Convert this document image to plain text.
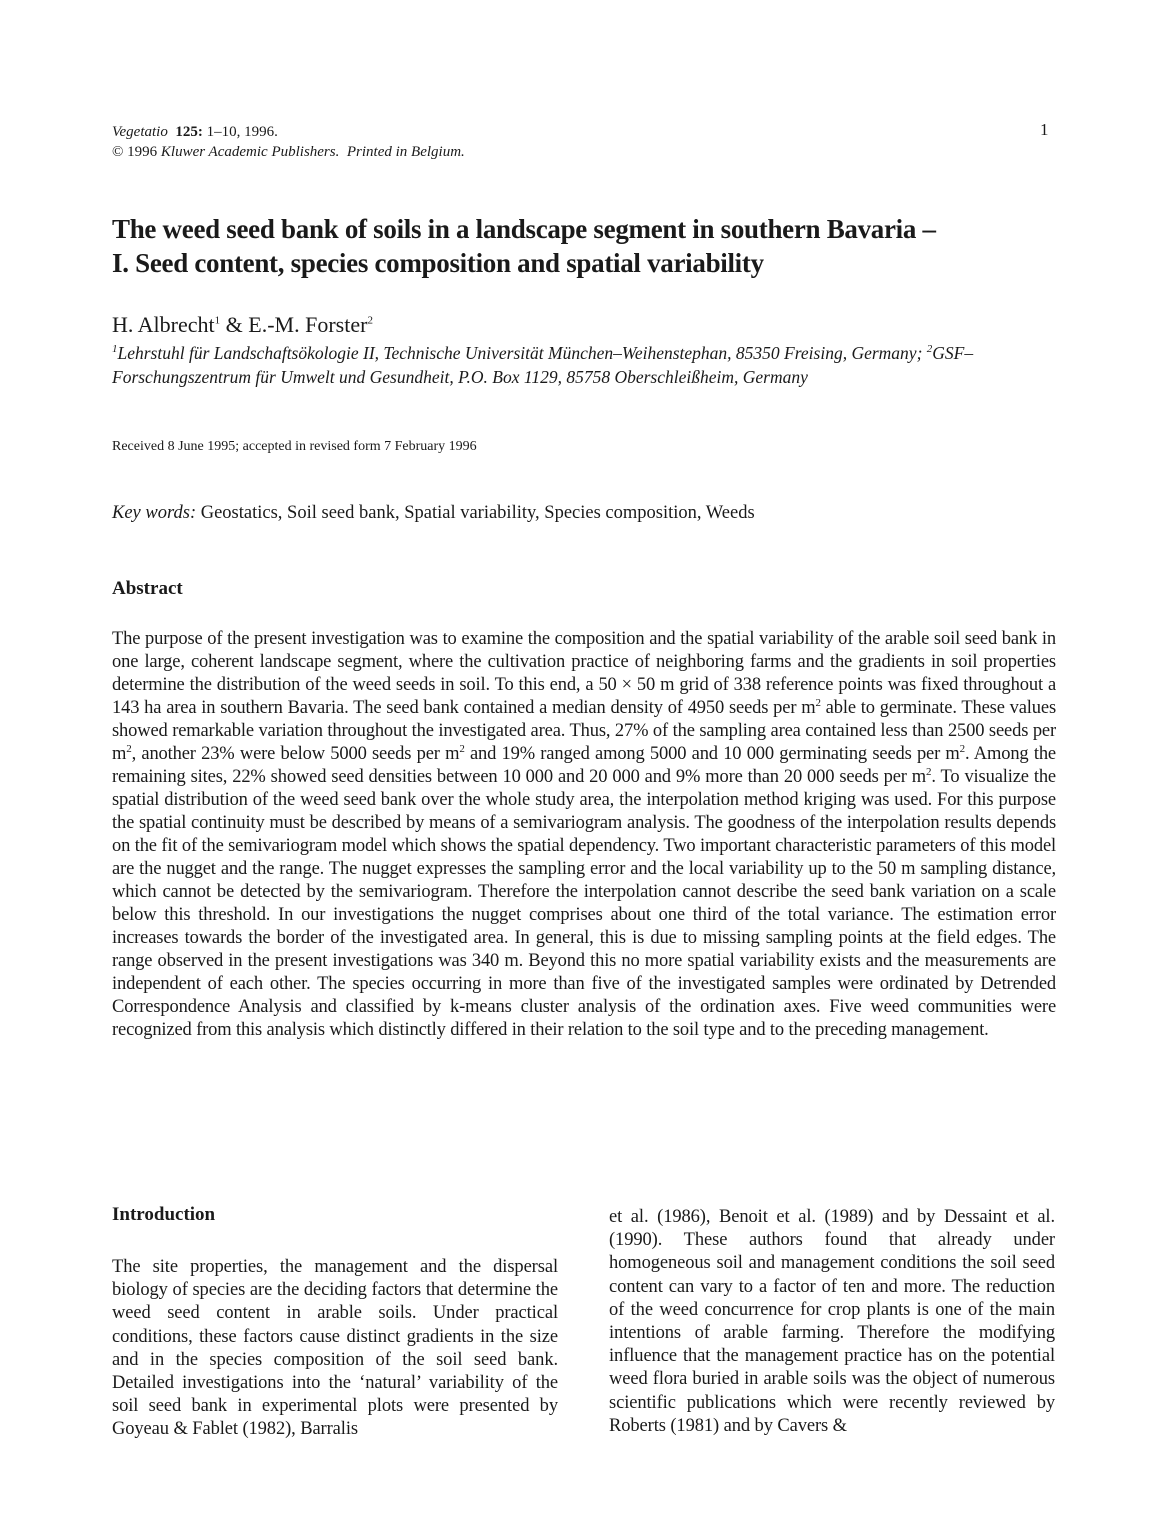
Vegetatio 125: 1–10, 1996.
© 1996 Kluwer Academic Publishers. Printed in Belgium.
1
The weed seed bank of soils in a landscape segment in southern Bavaria –
I. Seed content, species composition and spatial variability
H. Albrecht$^1$ & E.-M. Forster$^2$
$^1$Lehrstuhl für Landschaftsökologie II, Technische Universität München–Weihenstephan, 85350 Freising, Germany; $^2$GSF–Forschungszentrum für Umwelt und Gesundheit, P.O. Box 1129, 85758 Oberschleißheim, Germany
Received 8 June 1995; accepted in revised form 7 February 1996
Key words: Geostatics, Soil seed bank, Spatial variability, Species composition, Weeds
Abstract
The purpose of the present investigation was to examine the composition and the spatial variability of the arable soil seed bank in one large, coherent landscape segment, where the cultivation practice of neighboring farms and the gradients in soil properties determine the distribution of the weed seeds in soil. To this end, a 50 × 50 m grid of 338 reference points was fixed throughout a 143 ha area in southern Bavaria. The seed bank contained a median density of 4950 seeds per $m^2$ able to germinate. These values showed remarkable variation throughout the investigated area. Thus, 27% of the sampling area contained less than 2500 seeds per $m^2$, another 23% were below 5000 seeds per $m^2$ and 19% ranged among 5000 and 10 000 germinating seeds per $m^2$. Among the remaining sites, 22% showed seed densities between 10 000 and 20 000 and 9% more than 20 000 seeds per $m^2$. To visualize the spatial distribution of the weed seed bank over the whole study area, the interpolation method kriging was used. For this purpose the spatial continuity must be described by means of a semivariogram analysis. The goodness of the interpolation results depends on the fit of the semivariogram model which shows the spatial dependency. Two important characteristic parameters of this model are the nugget and the range. The nugget expresses the sampling error and the local variability up to the 50 m sampling distance, which cannot be detected by the semivariogram. Therefore the interpolation cannot describe the seed bank variation on a scale below this threshold. In our investigations the nugget comprises about one third of the total variance. The estimation error increases towards the border of the investigated area. In general, this is due to missing sampling points at the field edges. The range observed in the present investigations was 340 m. Beyond this no more spatial variability exists and the measurements are independent of each other. The species occurring in more than five of the investigated samples were ordinated by Detrended Correspondence Analysis and classified by k-means cluster analysis of the ordination axes. Five weed communities were recognized from this analysis which distinctly differed in their relation to the soil type and to the preceding management.
Introduction
The site properties, the management and the dispersal biology of species are the deciding factors that determine the weed seed content in arable soils. Under practical conditions, these factors cause distinct gradients in the size and in the species composition of the soil seed bank. Detailed investigations into the ‘natural’ variability of the soil seed bank in experimental plots were presented by Goyeau & Fablet (1982), Barralis
et al. (1986), Benoit et al. (1989) and by Dessaint et al. (1990). These authors found that already under homogeneous soil and management conditions the soil seed content can vary to a factor of ten and more. The reduction of the weed concurrence for crop plants is one of the main intentions of arable farming. Therefore the modifying influence that the management practice has on the potential weed flora buried in arable soils was the object of numerous scientific publications which were recently reviewed by Roberts (1981) and by Cavers &
